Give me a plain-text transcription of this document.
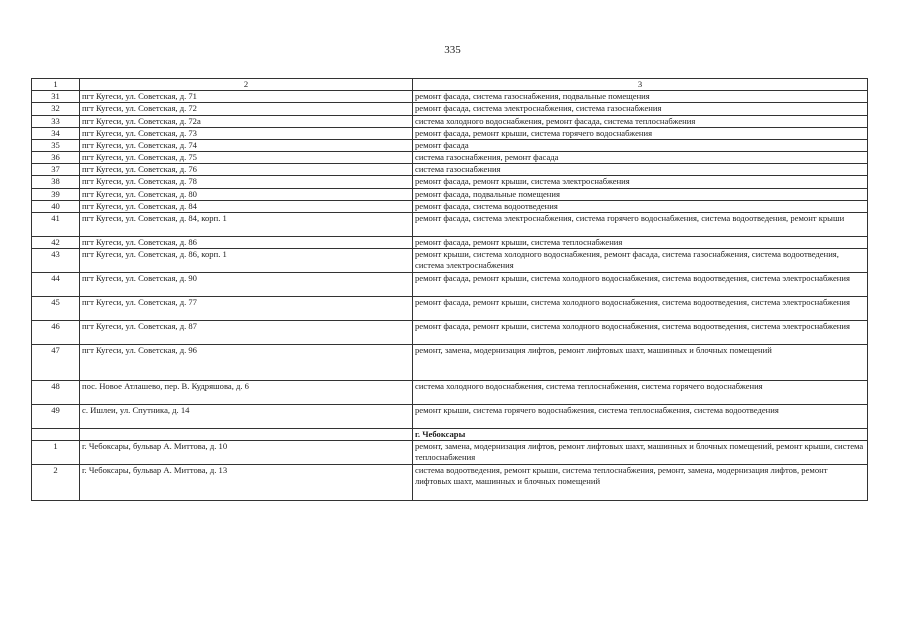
335
1	2	3
31	пгт Кугеси, ул. Советская, д. 71	ремонт фасада, система газоснабжения, подвальные помещения
32	пгт Кугеси, ул. Советская, д. 72	ремонт фасада, система электроснабжения, система газоснабжения
33	пгт Кугеси, ул. Советская, д. 72а	система холодного водоснабжения, ремонт фасада, система теплоснабжения
34	пгт Кугеси, ул. Советская, д. 73	ремонт фасада, ремонт крыши, система горячего водоснабжения
35	пгт Кугеси, ул. Советская, д. 74	ремонт фасада
36	пгт Кугеси, ул. Советская, д. 75	система газоснабжения, ремонт фасада
37	пгт Кугеси, ул. Советская, д. 76	система газоснабжения
38	пгт Кугеси, ул. Советская, д. 78	ремонт фасада, ремонт крыши, система электроснабжения
39	пгт Кугеси, ул. Советская, д. 80	ремонт фасада, подвальные помещения
40	пгт Кугеси, ул. Советская, д. 84	ремонт фасада, система водоотведения
41	пгт Кугеси, ул. Советская, д. 84, корп. 1	ремонт фасада, система электроснабжения, система горячего водоснабжения, система водоотведения, ремонт крыши
42	пгт Кугеси, ул. Советская, д. 86	ремонт фасада, ремонт крыши, система теплоснабжения
43	пгт Кугеси, ул. Советская, д. 86, корп. 1	ремонт крыши, система холодного водоснабжения, ремонт фасада, система газоснабжения, система водоотведения, система электроснабжения
44	пгт Кугеси, ул. Советская, д. 90	ремонт фасада, ремонт крыши, система холодного водоснабжения, система водоотведения, система электроснабжения
45	пгт Кугеси, ул. Советская, д. 77	ремонт фасада, ремонт крыши, система холодного водоснабжения, система водоотведения, система электроснабжения
46	пгт Кугеси, ул. Советская, д. 87	ремонт фасада, ремонт крыши, система холодного водоснабжения, система водоотведения, система электроснабжения
47	пгт Кугеси, ул. Советская, д. 96	ремонт, замена, модернизация лифтов, ремонт лифтовых шахт, машинных и блочных помещений
48	пос. Новое Атлашево, пер. В. Кудряшова, д. 6	система холодного водоснабжения, система теплоснабжения, система горячего водоснабжения
49	с. Ишлеи, ул. Спутника, д. 14	ремонт крыши, система горячего водоснабжения, система теплоснабжения, система водоотведения
		г. Чебоксары
1	г. Чебоксары, бульвар А. Миттова, д. 10	ремонт, замена, модернизация лифтов, ремонт лифтовых шахт, машинных и блочных помещений, ремонт крыши, система теплоснабжения
2	г. Чебоксары, бульвар А. Миттова, д. 13	система водоотведения, ремонт крыши, система теплоснабжения, ремонт, замена, модернизация лифтов, ремонт лифтовых шахт, машинных и блочных помещений
